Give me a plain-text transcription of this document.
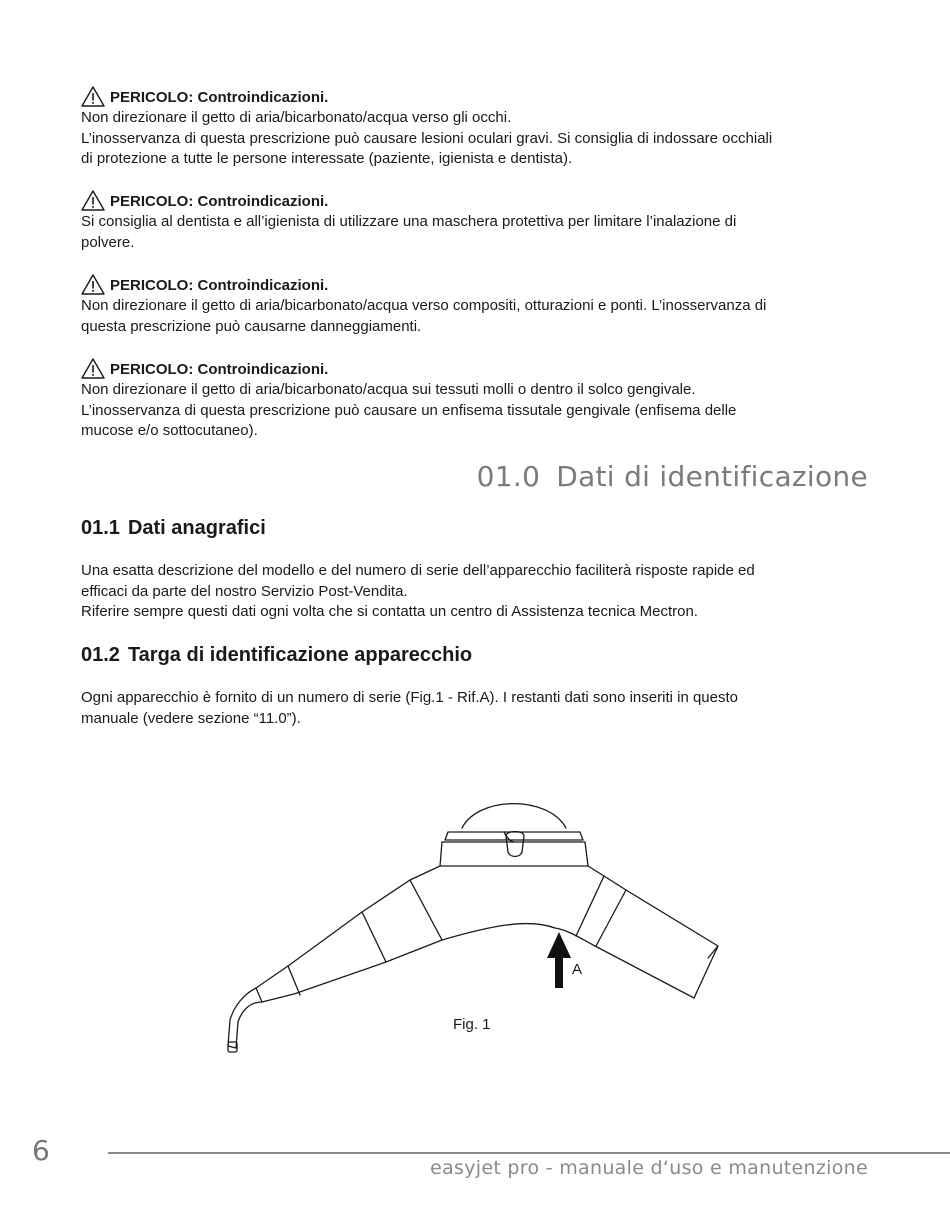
PERICOLO: Controindicazioni.

Non direzionare il getto di aria/bicarbonato/acqua verso gli occhi.

L’inosservanza di questa prescrizione può causare lesioni oculari gravi. Si consiglia di indossare occhiali

di protezione a tutte le persone interessate (paziente, igienista e dentista).

PERICOLO: Controindicazioni.

Si consiglia al dentista e all’igienista di utilizzare una maschera protettiva per limitare l’inalazione di

polvere.

PERICOLO: Controindicazioni.

Non direzionare il getto di aria/bicarbonato/acqua verso compositi, otturazioni e ponti. L’inosservanza di

questa prescrizione può causarne danneggiamenti.

PERICOLO: Controindicazioni.

Non direzionare il getto di aria/bicarbonato/acqua sui tessuti molli o dentro il solco gengivale.

L’inosservanza di questa prescrizione può causare un enfisema tissutale gengivale (enfisema delle

mucose e/o sottocutaneo).

01.0 Dati di identificazione
01.1 Dati anagrafici

Una esatta descrizione del modello e del numero di serie dell’apparecchio faciliterà risposte rapide ed

efficaci da parte del nostro Servizio Post-Vendita.

Riferire sempre questi dati ogni volta che si contatta un centro di Assistenza tecnica Mectron.

01.2 Targa di identificazione apparecchio

Ogni apparecchio è fornito di un numero di serie (Fig.1 - Rif.A). I restanti dati sono inseriti in questo

manuale (vedere sezione “11.0”).

A
Fig. 1
6
easyjet pro - manuale d‘uso e manutenzione
